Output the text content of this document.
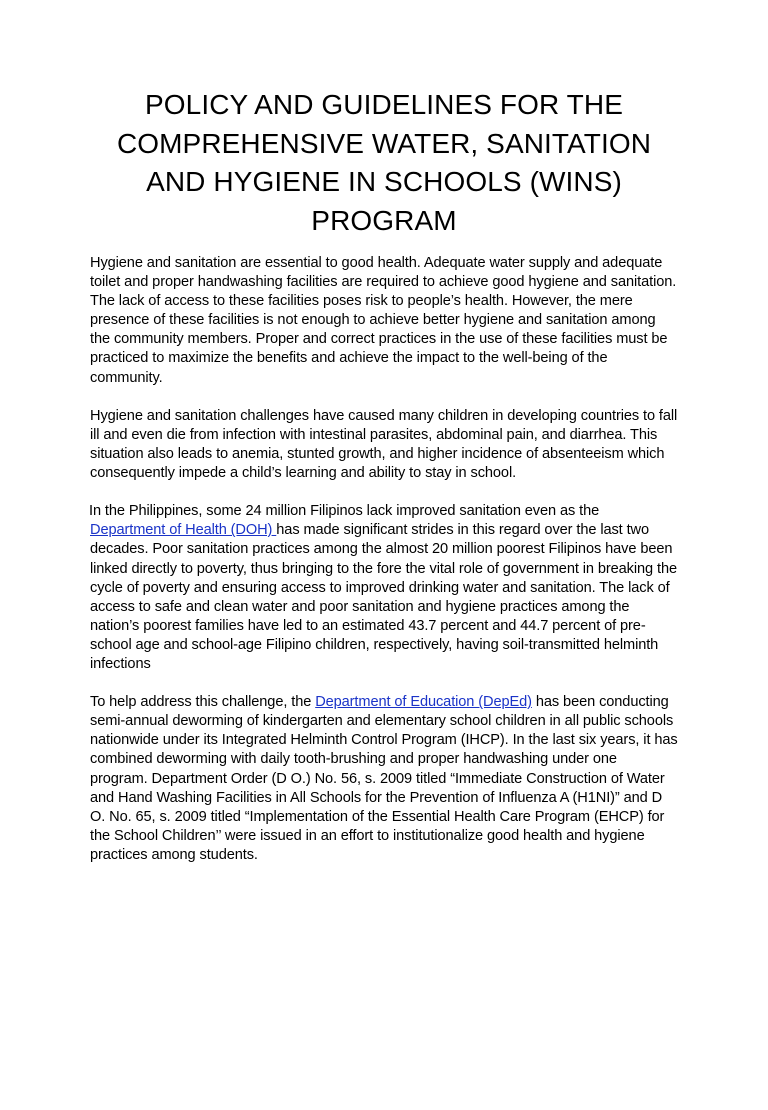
POLICY AND GUIDELINES FOR THE COMPREHENSIVE WATER, SANITATION AND HYGIENE IN SCHOOLS (WINS) PROGRAM

Hygiene and sanitation are essential to good health. Adequate water supply and adequate toilet and proper handwashing facilities are required to achieve good hygiene and sanitation. The lack of access to these facilities poses risk to people’s health. However, the mere presence of these facilities is not enough to achieve better hygiene and sanitation among the community members. Proper and correct practices in the use of these facilities must be practiced to maximize the benefits and achieve the impact to the well-being of the community.

Hygiene and sanitation challenges have caused many children in developing countries to fall ill and even die from infection with intestinal parasites, abdominal pain, and diarrhea. This situation also leads to anemia, stunted growth, and higher incidence of absenteeism which consequently impede a child’s learning and ability to stay in school.

In the Philippines, some 24 million Filipinos lack improved sanitation even as the Department of Health (DOH) has made significant strides in this regard over the last two decades. Poor sanitation practices among the almost 20 million poorest Filipinos have been linked directly to poverty, thus bringing to the fore the vital role of government in breaking the cycle of poverty and ensuring access to improved drinking water and sanitation. The lack of access to safe and clean water and poor sanitation and hygiene practices among the nation’s poorest families have led to an estimated 43.7 percent and 44.7 percent of pre-school age and school-age Filipino children, respectively, having soil-transmitted helminth infections

To help address this challenge, the Department of Education (DepEd) has been conducting semi-annual deworming of kindergarten and elementary school children in all public schools nationwide under its Integrated Helminth Control Program (IHCP). In the last six years, it has combined deworming with daily tooth-brushing and proper handwashing under one program. Department Order (D O.) No. 56, s. 2009 titled “Immediate Construction of Water and Hand Washing Facilities in All Schools for the Prevention of Influenza A (H1NI)” and D O. No. 65, s. 2009 titled “Implementation of the Essential Health Care Program (EHCP) for the School Children’’ were issued in an effort to institutionalize good health and hygiene practices among students.
